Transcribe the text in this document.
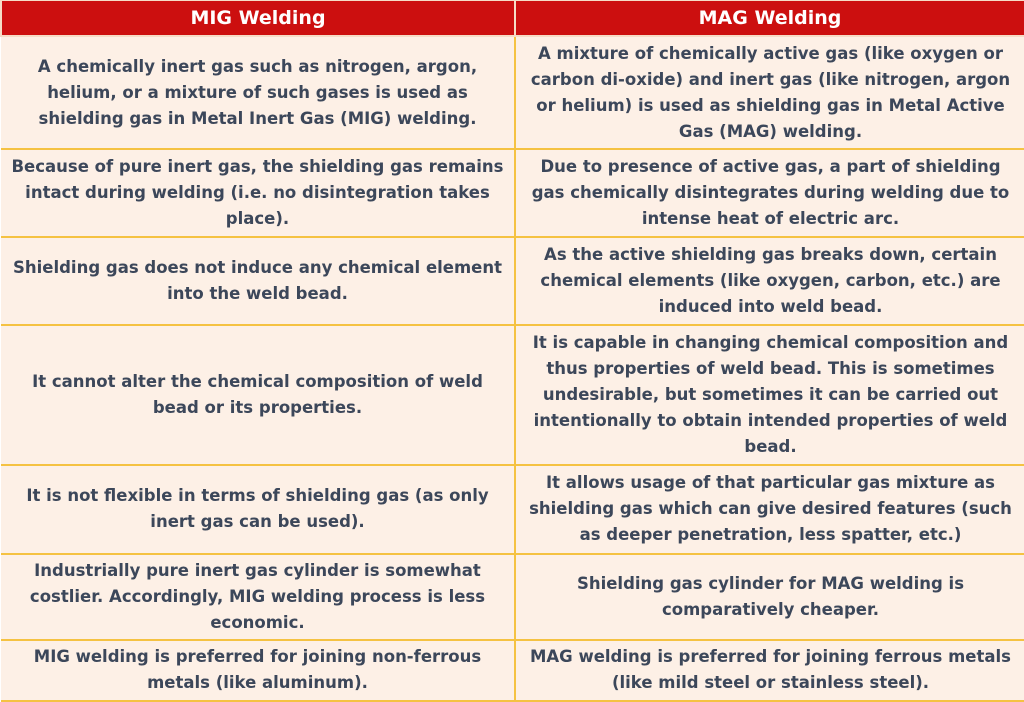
MIG Welding	MAG Welding
A chemically inert gas such as nitrogen, argon, helium, or a mixture of such gases is used as shielding gas in Metal Inert Gas (MIG) welding.	A mixture of chemically active gas (like oxygen or carbon di-oxide) and inert gas (like nitrogen, argon or helium) is used as shielding gas in Metal Active Gas (MAG) welding.
Because of pure inert gas, the shielding gas remains intact during welding (i.e. no disintegration takes place).	Due to presence of active gas, a part of shielding gas chemically disintegrates during welding due to intense heat of electric arc.
Shielding gas does not induce any chemical element into the weld bead.	As the active shielding gas breaks down, certain chemical elements (like oxygen, carbon, etc.) are induced into weld bead.
It cannot alter the chemical composition of weld bead or its properties.	It is capable in changing chemical composition and thus properties of weld bead. This is sometimes undesirable, but sometimes it can be carried out intentionally to obtain intended properties of weld bead.
It is not flexible in terms of shielding gas (as only inert gas can be used).	It allows usage of that particular gas mixture as shielding gas which can give desired features (such as deeper penetration, less spatter, etc.)
Industrially pure inert gas cylinder is somewhat costlier. Accordingly, MIG welding process is less economic.	Shielding gas cylinder for MAG welding is comparatively cheaper.
MIG welding is preferred for joining non-ferrous metals (like aluminum).	MAG welding is preferred for joining ferrous metals (like mild steel or stainless steel).
